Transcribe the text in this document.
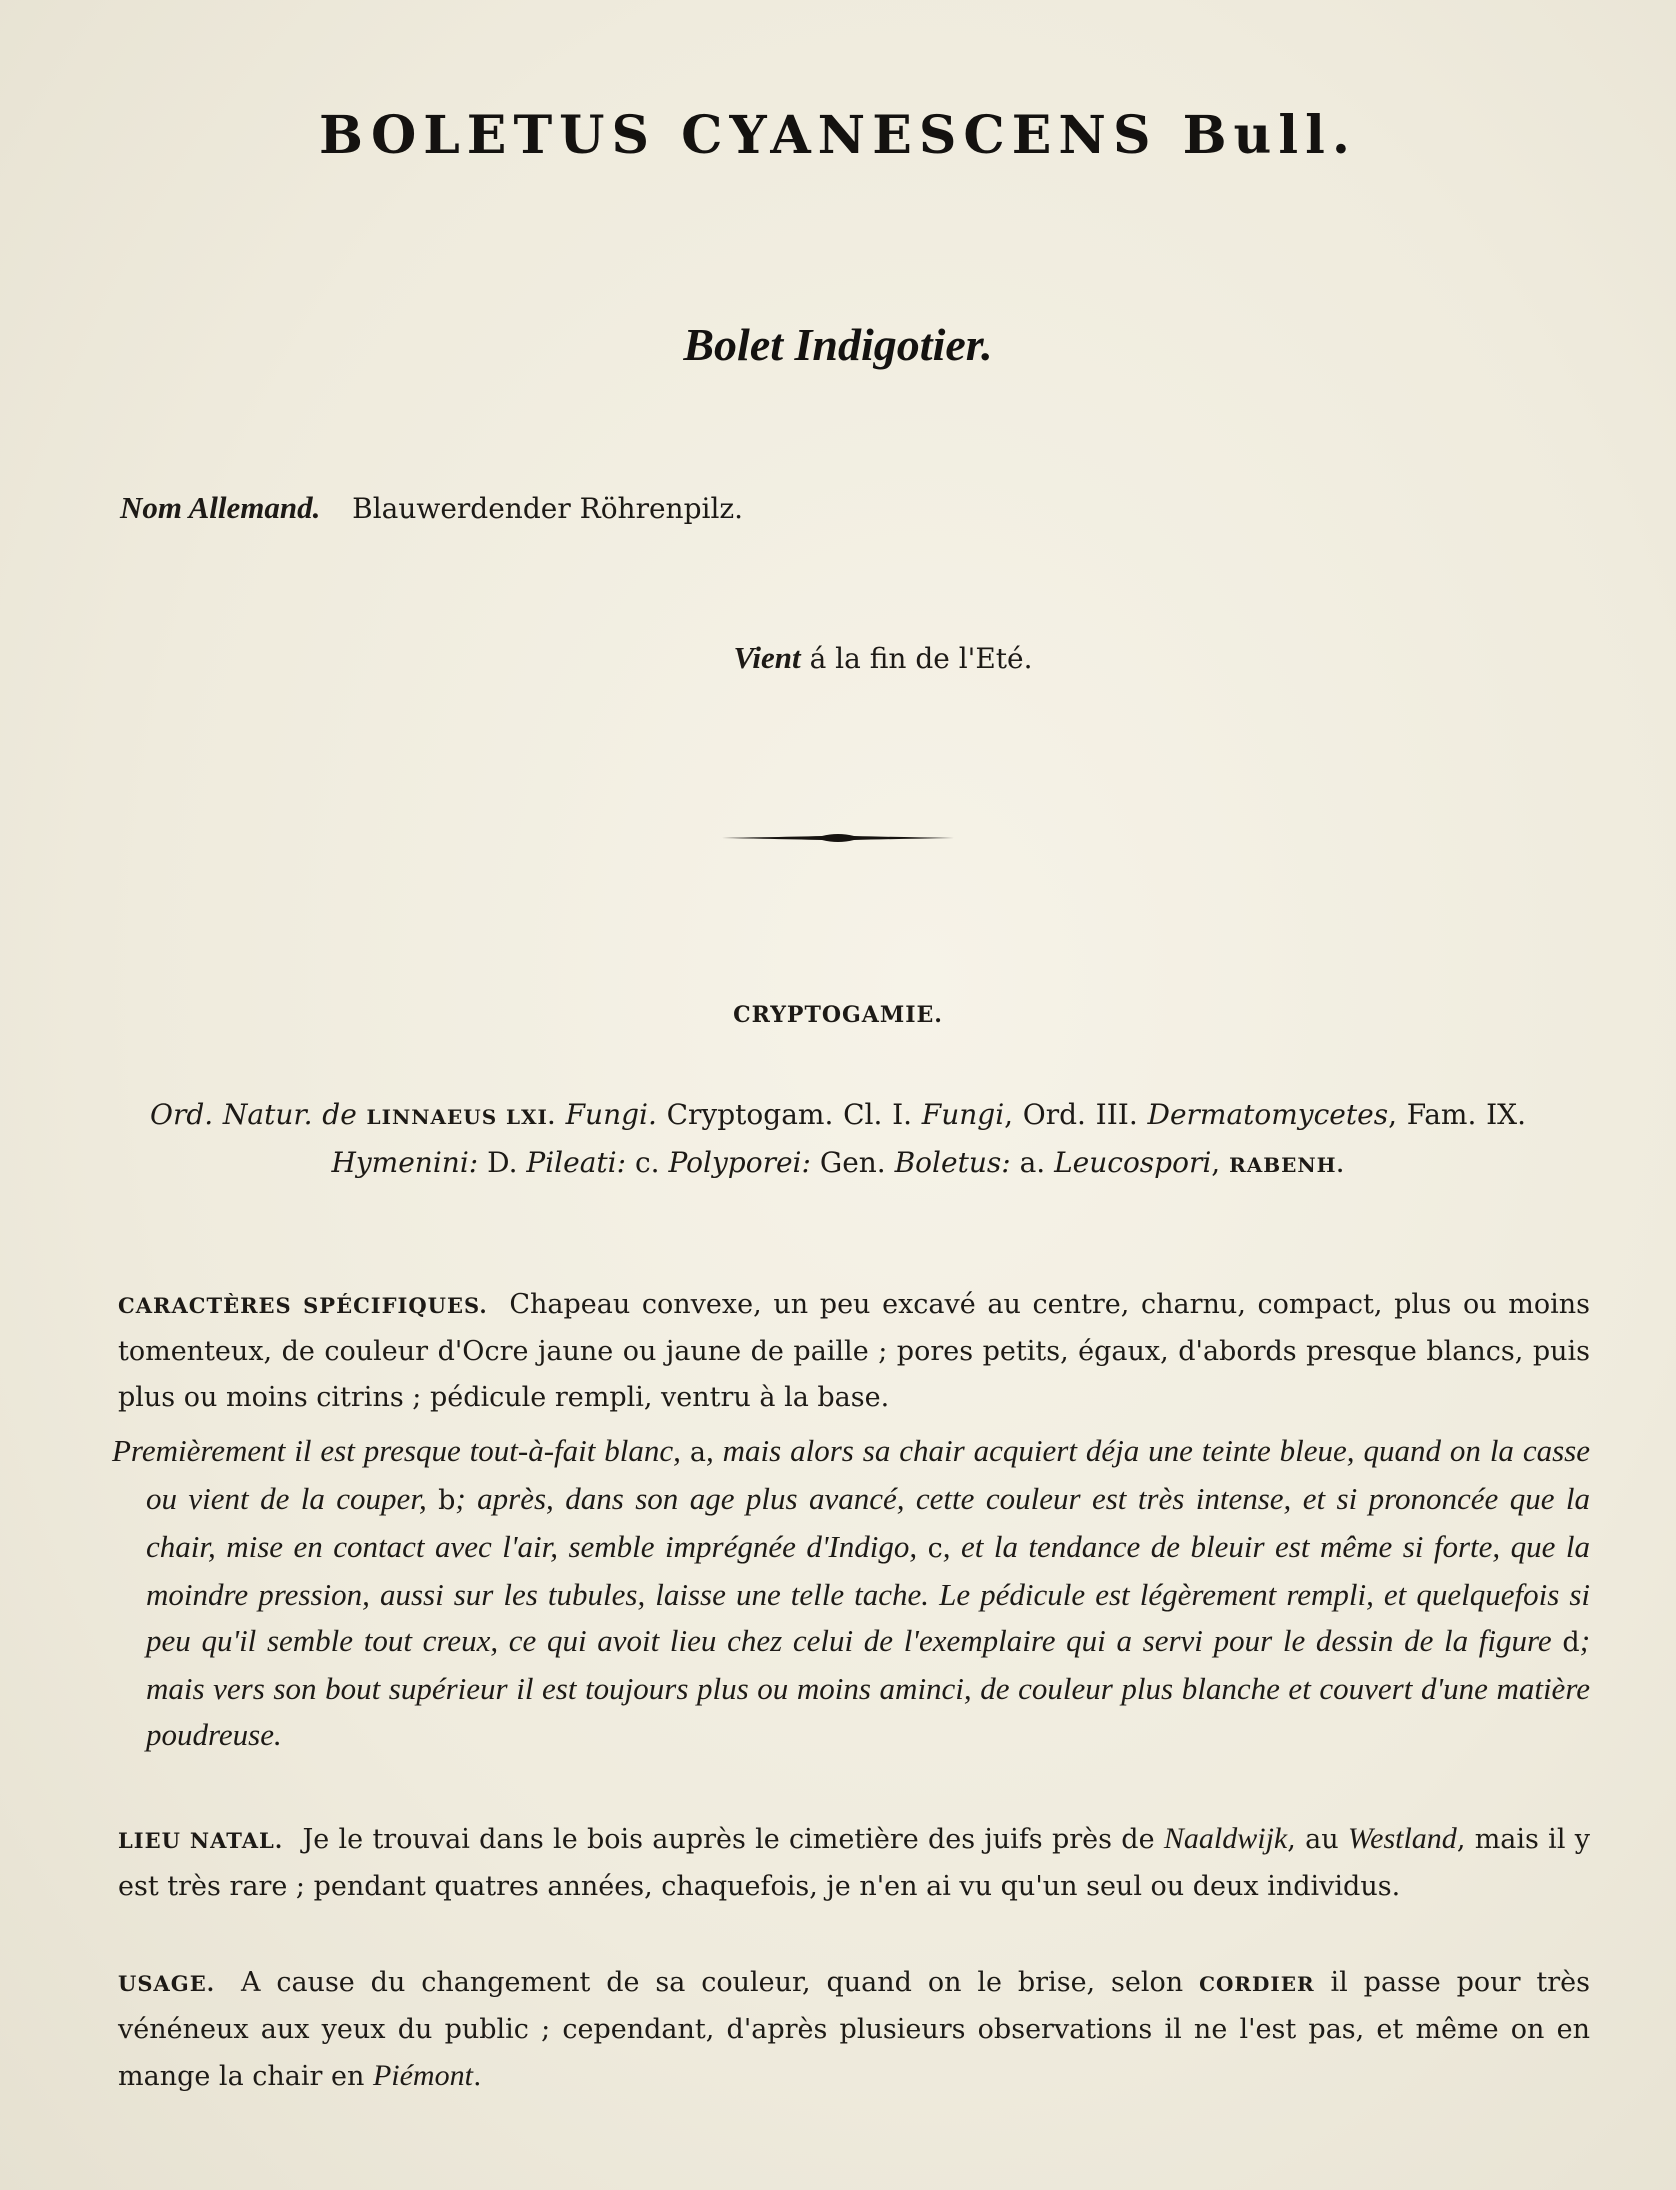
BOLETUS CYANESCENS Bull.
Bolet Indigotier.
Nom Allemand. Blauwerdender Röhrenpilz.
Vient á la fin de l'Eté.
CRYPTOGAMIE.
Ord. Natur. de LINNAEUS LXI. Fungi. Cryptogam. Cl. I. Fungi, Ord. III. Dermatomycetes, Fam. IX. Hymenini: D. Pileati: c. Polyporei: Gen. Boletus: a. Leucospori, RABENH.
CARACTÈRES SPÉCIFIQUES. Chapeau convexe, un peu excavé au centre, charnu, compact, plus ou moins tomenteux, de couleur d'Ocre jaune ou jaune de paille ; pores petits, égaux, d'abords presque blancs, puis plus ou moins citrins ; pédicule rempli, ventru à la base.
Premièrement il est presque tout-à-fait blanc, a, mais alors sa chair acquiert déja une teinte bleue, quand on la casse ou vient de la couper, b; après, dans son age plus avancé, cette couleur est très intense, et si prononcée que la chair, mise en contact avec l'air, semble imprégnée d'Indigo, c, et la tendance de bleuir est même si forte, que la moindre pression, aussi sur les tubules, laisse une telle tache. Le pédicule est légèrement rempli, et quelquefois si peu qu'il semble tout creux, ce qui avoit lieu chez celui de l'exemplaire qui a servi pour le dessin de la figure d; mais vers son bout supérieur il est toujours plus ou moins aminci, de couleur plus blanche et couvert d'une matière poudreuse.
LIEU NATAL. Je le trouvai dans le bois auprès le cimetière des juifs près de Naaldwijk, au Westland, mais il y est très rare ; pendant quatres années, chaquefois, je n'en ai vu qu'un seul ou deux individus.
USAGE. A cause du changement de sa couleur, quand on le brise, selon CORDIER il passe pour très vénéneux aux yeux du public ; cependant, d'après plusieurs observations il ne l'est pas, et même on en mange la chair en Piémont.
